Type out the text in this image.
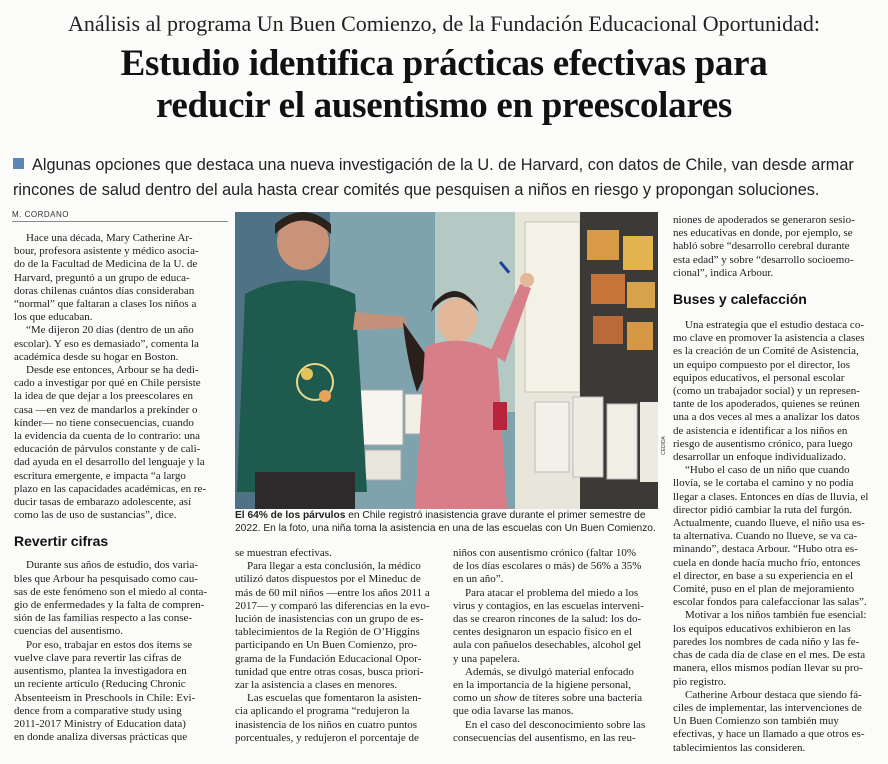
Análisis al programa Un Buen Comienzo, de la Fundación Educacional Oportunidad:
Estudio identifica prácticas efectivas para
reducir el ausentismo en preescolares
Algunas opciones que destaca una nueva investigación de la U. de Harvard, con datos de Chile, van desde armar
rincones de salud dentro del aula hasta crear comités que pesquisen a niños en riesgo y propongan soluciones.
M. CORDANO

Hace una década, Mary Catherine Ar-
bour, profesora asistente y médico asocia-
do de la Facultad de Medicina de la U. de
Harvard, preguntó a un grupo de educa-
doras chilenas cuántos días consideraban
“normal” que faltaran a clases los niños a
los que educaban.

“Me dijeron 20 días (dentro de un año
escolar). Y eso es demasiado”, comenta la
académica desde su hogar en Boston.

Desde ese entonces, Arbour se ha dedi-
cado a investigar por qué en Chile persiste
la idea de que dejar a los preescolares en
casa —en vez de mandarlos a prekínder o
kínder— no tiene consecuencias, cuando
la evidencia da cuenta de lo contrario: una
educación de párvulos constante y de cali-
dad ayuda en el desarrollo del lenguaje y la
escritura emergente, e impacta “a largo
plazo en las capacidades académicas, en re-
ducir tasas de embarazo adolescente, así
como las de uso de sustancias”, dice.

Revertir cifras

Durante sus años de estudio, dos varia-
bles que Arbour ha pesquisado como cau-
sas de este fenómeno son el miedo al conta-
gio de enfermedades y la falta de compren-
sión de las familias respecto a las conse-
cuencias del ausentismo.

Por eso, trabajar en estos dos ítems se
vuelve clave para revertir las cifras de
ausentismo, plantea la investigadora en
un reciente artículo (Reducing Chronic
Absenteeism in Preschools in Chile: Evi-
dence from a comparative study using
2011-2017 Ministry of Education data)
en donde analiza diversas prácticas que

CEDIDA
El 64% de los párvulos en Chile registró inasistencia grave durante el primer semestre de
2022. En la foto, una niña toma la asistencia en una de las escuelas con Un Buen Comienzo.

se muestran efectivas.

Para llegar a esta conclusión, la médico
utilizó datos dispuestos por el Mineduc de
más de 60 mil niños —entre los años 2011 a
2017— y comparó las diferencias en la evo-
lución de inasistencias con un grupo de es-
tablecimientos de la Región de O’Higgins
participando en Un Buen Comienzo, pro-
grama de la Fundación Educacional Opor-
tunidad que entre otras cosas, busca priori-
zar la asistencia a clases en menores.

Las escuelas que fomentaron la asisten-
cia aplicando el programa “redujeron la
inasistencia de los niños en cuatro puntos
porcentuales, y redujeron el porcentaje de

niños con ausentismo crónico (faltar 10%
de los días escolares o más) de 56% a 35%
en un año”.

Para atacar el problema del miedo a los
virus y contagios, en las escuelas interveni-
das se crearon rincones de la salud: los do-
centes designaron un espacio físico en el
aula con pañuelos desechables, alcohol gel
y una papelera.

Además, se divulgó material enfocado
en la importancia de la higiene personal,
como un show de títeres sobre una bacteria
que odia lavarse las manos.

En el caso del desconocimiento sobre las
consecuencias del ausentismo, en las reu-

niones de apoderados se generaron sesio-
nes educativas en donde, por ejemplo, se
habló sobre “desarrollo cerebral durante
esta edad” y sobre “desarrollo socioemo-
cional”, indica Arbour.

Buses y calefacción

Una estrategia que el estudio destaca co-
mo clave en promover la asistencia a clases
es la creación de un Comité de Asistencia,
un equipo compuesto por el director, los
equipos educativos, el personal escolar
(como un trabajador social) y un represen-
tante de los apoderados, quienes se reúnen
una a dos veces al mes a analizar los datos
de asistencia e identificar a los niños en
riesgo de ausentismo crónico, para luego
desarrollar un enfoque individualizado.

“Hubo el caso de un niño que cuando
llovía, se le cortaba el camino y no podía
llegar a clases. Entonces en días de lluvia, el
director pidió cambiar la ruta del furgón.
Actualmente, cuando llueve, el niño usa es-
ta alternativa. Cuando no llueve, se va ca-
minando”, destaca Arbour. “Hubo otra es-
cuela en donde hacía mucho frío, entonces
el director, en base a su experiencia en el
Comité, puso en el plan de mejoramiento
escolar fondos para calefaccionar las salas”.

Motivar a los niños también fue esencial:
los equipos educativos exhibieron en las
paredes los nombres de cada niño y las fe-
chas de cada día de clase en el mes. De esta
manera, ellos mismos podían llevar su pro-
pio registro.

Catherine Arbour destaca que siendo fá-
ciles de implementar, las intervenciones de
Un Buen Comienzo son también muy
efectivas, y hace un llamado a que otros es-
tablecimientos las consideren.
